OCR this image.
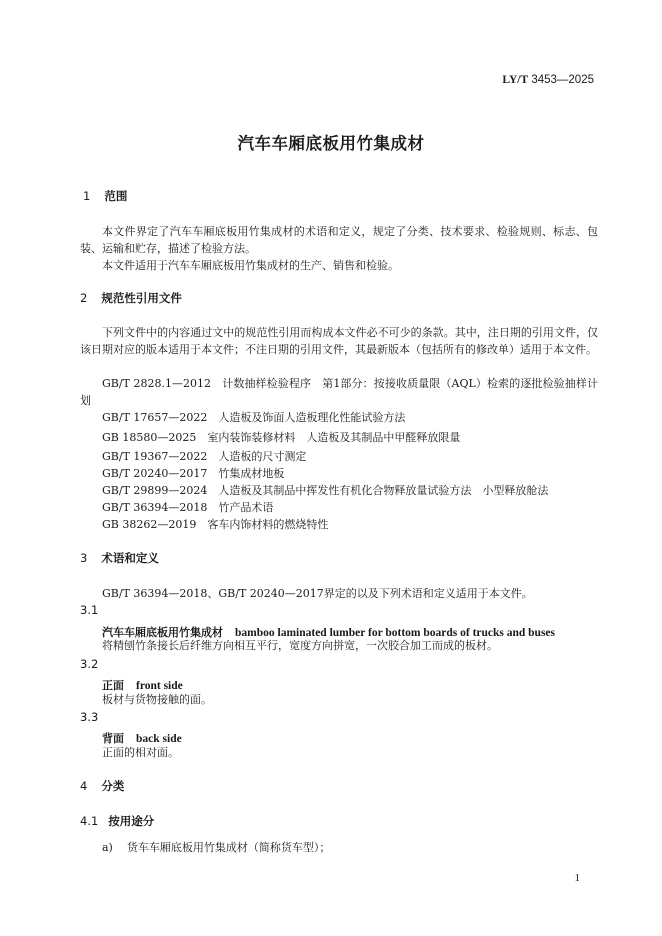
LY/T 3453—2025
汽车车厢底板用竹集成材
1 范围
本文件界定了汽车车厢底板用竹集成材的术语和定义，规定了分类、技术要求、检验规则、标志、包装、运输和贮存，描述了检验方法。
本文件适用于汽车车厢底板用竹集成材的生产、销售和检验。
2 规范性引用文件
下列文件中的内容通过文中的规范性引用而构成本文件必不可少的条款。其中，注日期的引用文件，仅该日期对应的版本适用于本文件；不注日期的引用文件，其最新版本（包括所有的修改单）适用于本文件。
GB/T 2828.1—2012　计数抽样检验程序　第1部分：按接收质量限（AQL）检索的逐批检验抽样计划
GB/T 17657—2022　人造板及饰面人造板理化性能试验方法
GB 18580—2025　室内装饰装修材料　人造板及其制品中甲醛释放限量
GB/T 19367—2022　人造板的尺寸测定
GB/T 20240—2017　竹集成材地板
GB/T 29899—2024　人造板及其制品中挥发性有机化合物释放量试验方法　小型释放舱法
GB/T 36394—2018　竹产品术语
GB 38262—2019　客车内饰材料的燃烧特性
3 术语和定义
GB/T 36394—2018、GB/T 20240—2017界定的以及下列术语和定义适用于本文件。
3.1
汽车车厢底板用竹集成材 bamboo laminated lumber for bottom boards of trucks and buses
将精刨竹条接长后纤维方向相互平行，宽度方向拼宽，一次胶合加工而成的板材。
3.2
正面 front side
板材与货物接触的面。
3.3
背面 back side
正面的相对面。
4 分类
4.1 按用途分
a) 货车车厢底板用竹集成材（简称货车型）；
1
